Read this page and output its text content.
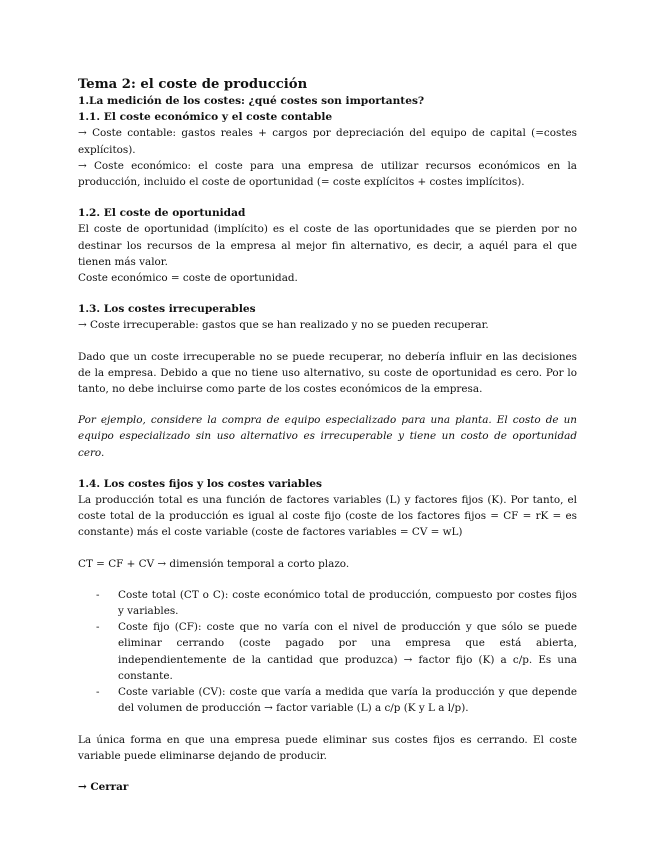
Tema 2: el coste de producción
1.La medición de los costes: ¿qué costes son importantes?
1.1. El coste económico y el coste contable

→ Coste contable: gastos reales + cargos por depreciación del equipo de capital (=costes explícitos).

→ Coste económico: el coste para una empresa de utilizar recursos económicos en la producción, incluido el coste de oportunidad (= coste explícitos + costes implícitos).

1.2. El coste de oportunidad

El coste de oportunidad (implícito) es el coste de las oportunidades que se pierden por no destinar los recursos de la empresa al mejor fin alternativo, es decir, a aquél para el que tienen más valor.

Coste económico = coste de oportunidad.

1.3. Los costes irrecuperables

→ Coste irrecuperable: gastos que se han realizado y no se pueden recuperar.

Dado que un coste irrecuperable no se puede recuperar, no debería influir en las decisiones de la empresa. Debido a que no tiene uso alternativo, su coste de oportunidad es cero. Por lo tanto, no debe incluirse como parte de los costes económicos de la empresa.

Por ejemplo, considere la compra de equipo especializado para una planta. El costo de un equipo especializado sin uso alternativo es irrecuperable y tiene un costo de oportunidad cero.

1.4. Los costes fijos y los costes variables

La producción total es una función de factores variables (L) y factores fijos (K). Por tanto, el coste total de la producción es igual al coste fijo (coste de los factores fijos = CF = rK = es constante) más el coste variable (coste de factores variables = CV = wL)

CT = CF + CV → dimensión temporal a corto plazo.

- Coste total (CT o C): coste económico total de producción, compuesto por costes fijos y variables.
- Coste fijo (CF): coste que no varía con el nivel de producción y que sólo se puede eliminar cerrando (coste pagado por una empresa que está abierta, independientemente de la cantidad que produzca) → factor fijo (K) a c/p. Es una constante.
- Coste variable (CV): coste que varía a medida que varía la producción y que depende del volumen de producción → factor variable (L) a c/p (K y L a l/p).

La única forma en que una empresa puede eliminar sus costes fijos es cerrando. El coste variable puede eliminarse dejando de producir.

→ Cerrar
